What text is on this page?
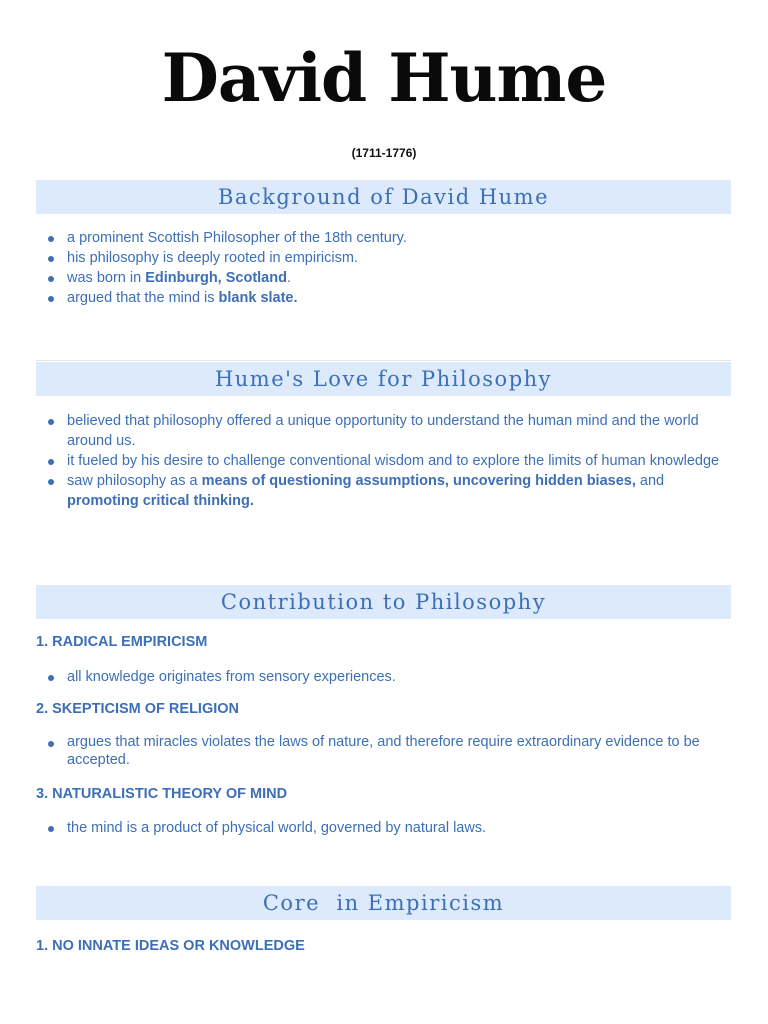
David Hume
(1711-1776)
Background of David Hume
a prominent Scottish Philosopher of the 18th century.
his philosophy is deeply rooted in empiricism.
was born in Edinburgh, Scotland.
argued that the mind is blank slate.
Hume's Love for Philosophy
believed that philosophy offered a unique opportunity to understand the human mind and the world around us.
it fueled by his desire to challenge conventional wisdom and to explore the limits of human knowledge
saw philosophy as a means of questioning assumptions, uncovering hidden biases, and promoting critical thinking.
Contribution to Philosophy
1. RADICAL EMPIRICISM
all knowledge originates from sensory experiences.
2. SKEPTICISM OF RELIGION
argues that miracles violates the laws of nature, and therefore require extraordinary evidence to be accepted.
3. NATURALISTIC THEORY OF MIND
the mind is a product of physical world, governed by natural laws.
Core  in Empiricism
1. NO INNATE IDEAS OR KNOWLEDGE
